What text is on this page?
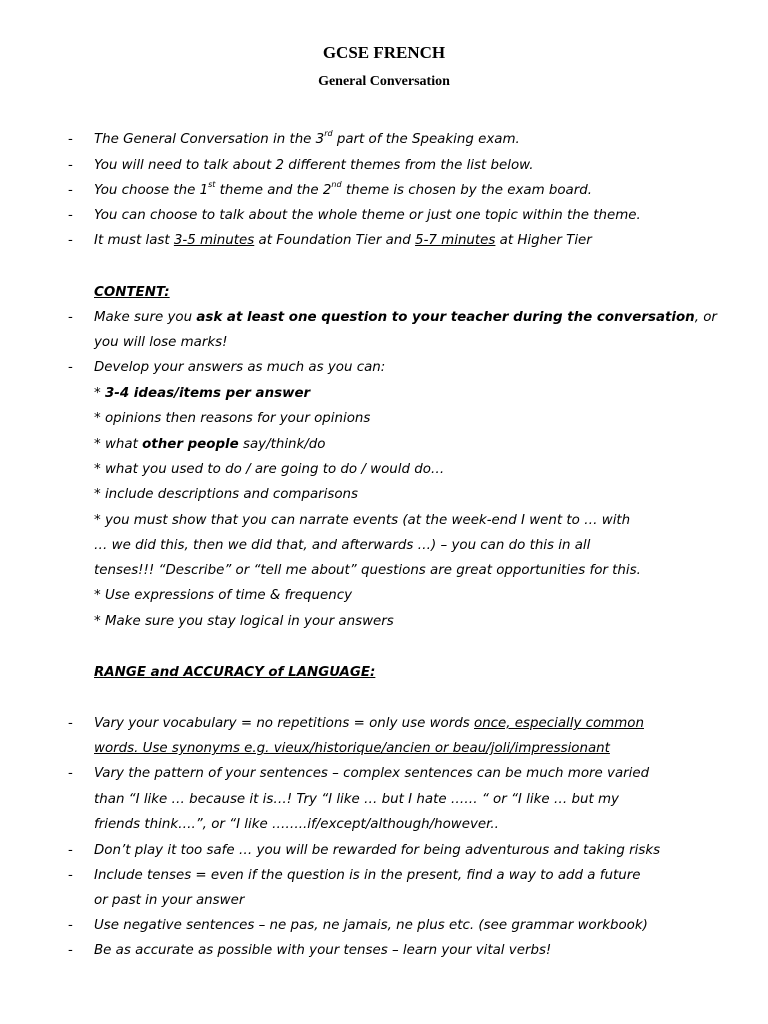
GCSE FRENCH
General Conversation
- The General Conversation in the 3rd part of the Speaking exam.
- You will need to talk about 2 different themes from the list below.
- You choose the 1st theme and the 2nd theme is chosen by the exam board.
- You can choose to talk about the whole theme or just one topic within the theme.
- It must last 3-5 minutes at Foundation Tier and 5-7 minutes at Higher Tier
CONTENT:
- Make sure you ask at least one question to your teacher during the conversation, or
you will lose marks!
- Develop your answers as much as you can:
* 3-4 ideas/items per answer
* opinions then reasons for your opinions
* what other people say/think/do
* what you used to do / are going to do / would do…
* include descriptions and comparisons
* you must show that you can narrate events (at the week-end I went to … with
… we did this, then we did that, and afterwards …) – you can do this in all
tenses!!! “Describe” or “tell me about” questions are great opportunities for this.
* Use expressions of time & frequency
* Make sure you stay logical in your answers
RANGE and ACCURACY of LANGUAGE:
- Vary your vocabulary = no repetitions = only use words once, especially common
words. Use synonyms e.g. vieux/historique/ancien or beau/joli/impressionant
- Vary the pattern of your sentences – complex sentences can be much more varied
than “I like … because it is…! Try “I like … but I hate …… “ or “I like … but my
friends think….”, or “I like ……..if/except/although/however..
- Don’t play it too safe … you will be rewarded for being adventurous and taking risks
- Include tenses = even if the question is in the present, find a way to add a future
or past in your answer
- Use negative sentences – ne pas, ne jamais, ne plus etc. (see grammar workbook)
- Be as accurate as possible with your tenses – learn your vital verbs!
